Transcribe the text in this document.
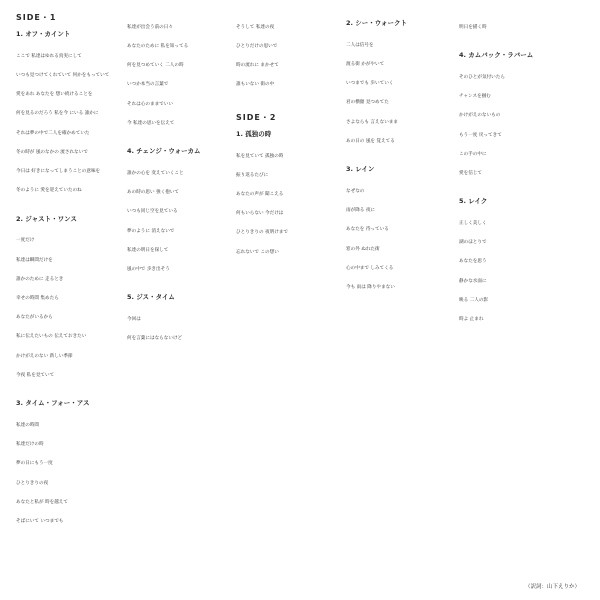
SIDE・1
1. オフ・カイント

ここで 私達はゆれる真実にして

いつも見つけてくれていて 何かをもっていて

愛をあれ あなたを 想い続けることを

何を見るのだろう 私を今 にいる 誰かに

それは夢の中で二人を確かめていた

冬の時が 風のなかの 流されないで

今日は 好きになってしまうことの意味を

冬のように 愛を迎えていたのね

2. ジャスト・ワンス

一度だけ

私達は瞬間だけを

誰かのために 走るとき

幸せの時間 集めたら

あなたがいるから

私に伝えたいもの 伝えておきたい

かけがえのない 新しい季節

今夜 私を見ていて

3. タイム・フォー・アス

私達の時間

私達だけの時

夢の日にもう一度

ひとりきりの夜

あなたと私が 時を越えて

そばにいて いつまでも

私達が出会う前の日々

あなたのために 私を知ってる

何を見つめていく 二人の時

いつか本当の言葉で

それは心のままでいい

今 私達の思いを伝えて

4. チェンジ・ウォーカム

誰かの心を 変えていくこと

あの時の思い 強く抱いて

いつも同じ空を見ている

夢のように 消えないで

私達の明日を探して

風の中で 歩き出そう

5. ジス・タイム

今回は

何を言葉にはならないけど

そうして 私達の夜

ひとりだけの思いで

時の流れに まかせて

誰もいない 街の中

SIDE・2
1. 孤独の時

私を見ていて 孤独の時

振り返るたびに

あなたの声が 聞こえる

何もいらない 今だけは

ひとりきりの 夜明けまで

忘れないで この想い

2. シー・ウォークト

二人は信号を

渡る街 かがやいて

いつまでも 歩いていく

君の横顔 見つめてた

さよならも 言えないまま

あの日の 風を 覚えてる

3. レイン

なぜなの

雨が降る 夜に

あなたを 待っている

窓の外 ぬれた街

心の中まで しみてくる

今も 雨は 降りやまない

明日を描く時

4. カムバック・ラバーム

そのひとが気付いたら

チャンスを掴む

かけがえのないもの

もう一度 戻ってきて

この手の中に

愛を信じて

5. レイク

正しく美しく

湖のほとりで

あなたを思う

静かな水面に

映る 二人の影

時よ 止まれ

（訳詞：山下えりか）
